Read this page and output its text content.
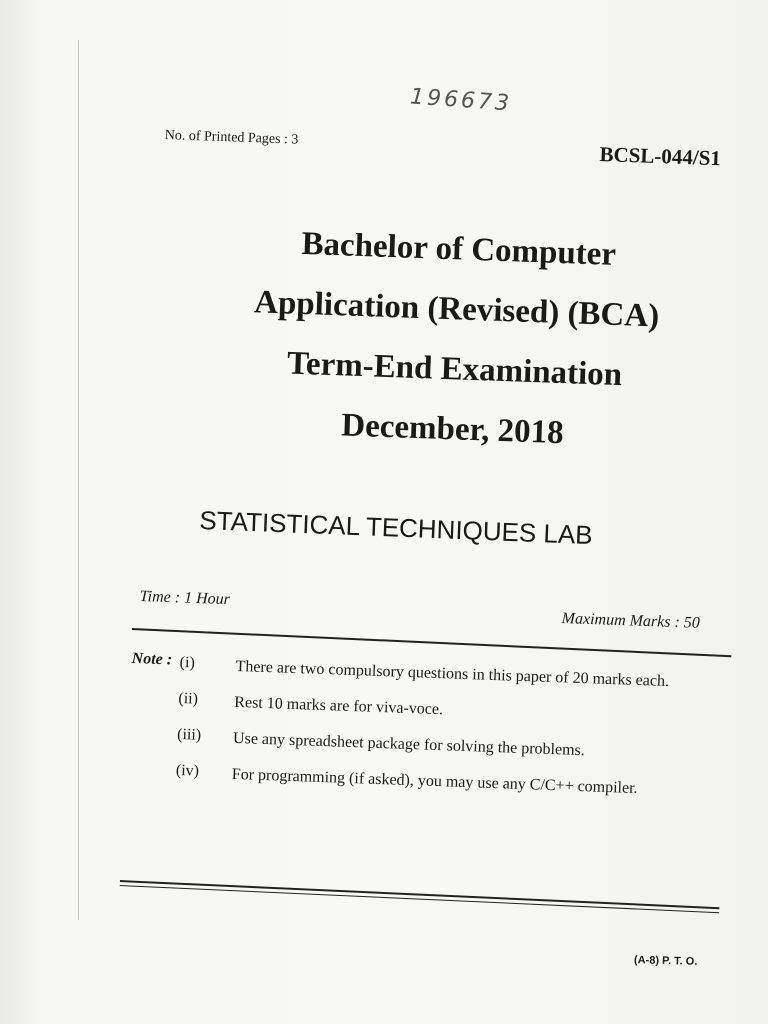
196673
No. of Printed Pages : 3
BCSL-044/S1
Bachelor of Computer
Application (Revised) (BCA)
Term-End Examination
December, 2018
STATISTICAL TECHNIQUES LAB
Time : 1 Hour
Maximum Marks : 50
Note : (i)	There are two compulsory questions in this paper of 20 marks each.
(ii)	Rest 10 marks are for viva-voce.
(iii)	Use any spreadsheet package for solving the problems.
(iv)	For programming (if asked), you may use any C/C++ compiler.
(A-8) P. T. O.
